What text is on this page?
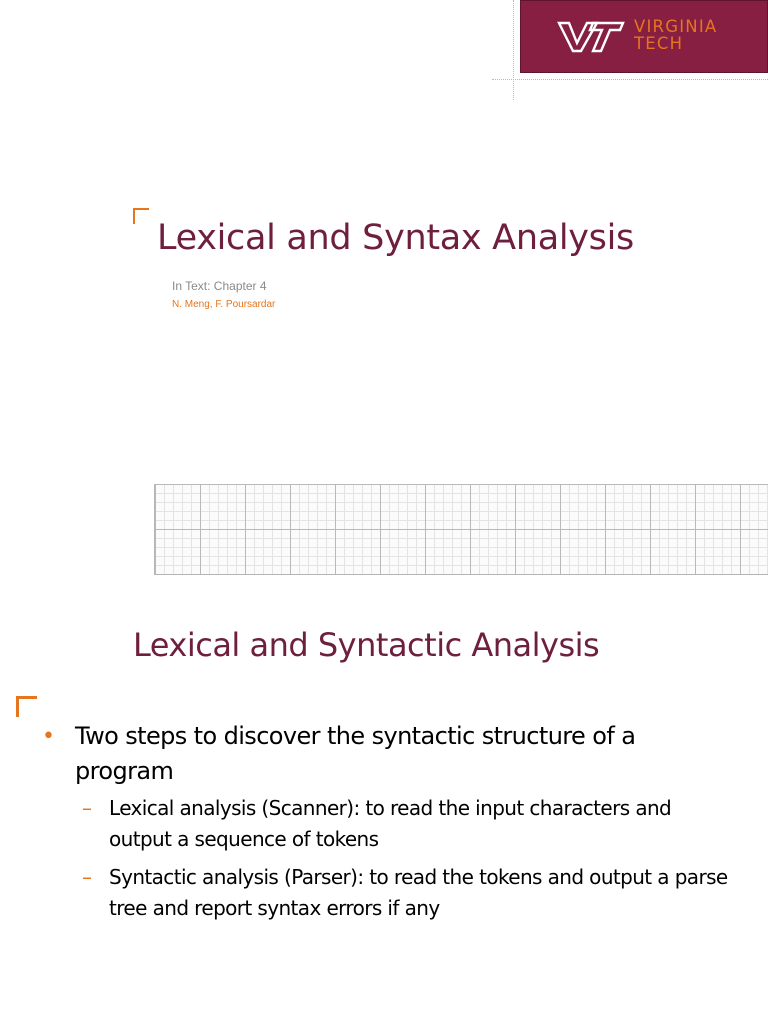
VIRGINIA
TECH
Lexical and Syntax Analysis
In Text: Chapter 4
N. Meng, F. Poursardar
Lexical and Syntactic Analysis
• Two steps to discover the syntactic structure of a program
– Lexical analysis (Scanner): to read the input characters and output a sequence of tokens
– Syntactic analysis (Parser): to read the tokens and output a parse tree and report syntax errors if any
